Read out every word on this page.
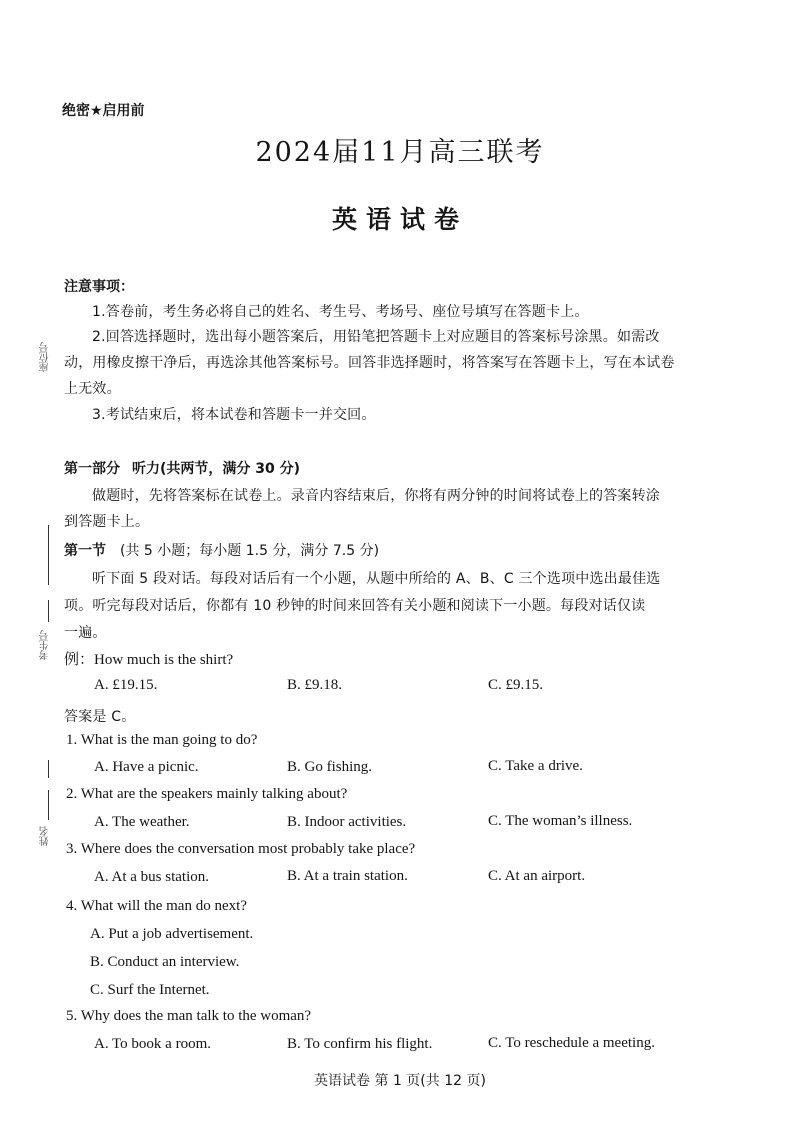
座位号
考生号
姓名
绝密★启用前
2024届11月高三联考
英语试卷
注意事项：
1.答卷前，考生务必将自己的姓名、考生号、考场号、座位号填写在答题卡上。
2.回答选择题时，选出每小题答案后，用铅笔把答题卡上对应题目的答案标号涂黑。如需改
动，用橡皮擦干净后，再选涂其他答案标号。回答非选择题时，将答案写在答题卡上，写在本试卷
上无效。
3.考试结束后，将本试卷和答题卡一并交回。
第一部分 听力(共两节，满分 30 分)
做题时，先将答案标在试卷上。录音内容结束后，你将有两分钟的时间将试卷上的答案转涂
到答题卡上。
第一节 (共 5 小题；每小题 1.5 分，满分 7.5 分)
听下面 5 段对话。每段对话后有一个小题，从题中所给的 A、B、C 三个选项中选出最佳选
项。听完每段对话后，你都有 10 秒钟的时间来回答有关小题和阅读下一小题。每段对话仅读
一遍。
例：How much is the shirt?
A. £19.15.	B. £9.18.	C. £9.15.
答案是 C。
1. What is the man going to do?
A. Have a picnic.	B. Go fishing.	C. Take a drive.
2. What are the speakers mainly talking about?
A. The weather.	B. Indoor activities.	C. The woman’s illness.
3. Where does the conversation most probably take place?
A. At a bus station.	B. At a train station.	C. At an airport.
4. What will the man do next?
A. Put a job advertisement.
B. Conduct an interview.
C. Surf the Internet.
5. Why does the man talk to the woman?
A. To book a room.	B. To confirm his flight.	C. To reschedule a meeting.
英语试卷 第 1 页(共 12 页)
